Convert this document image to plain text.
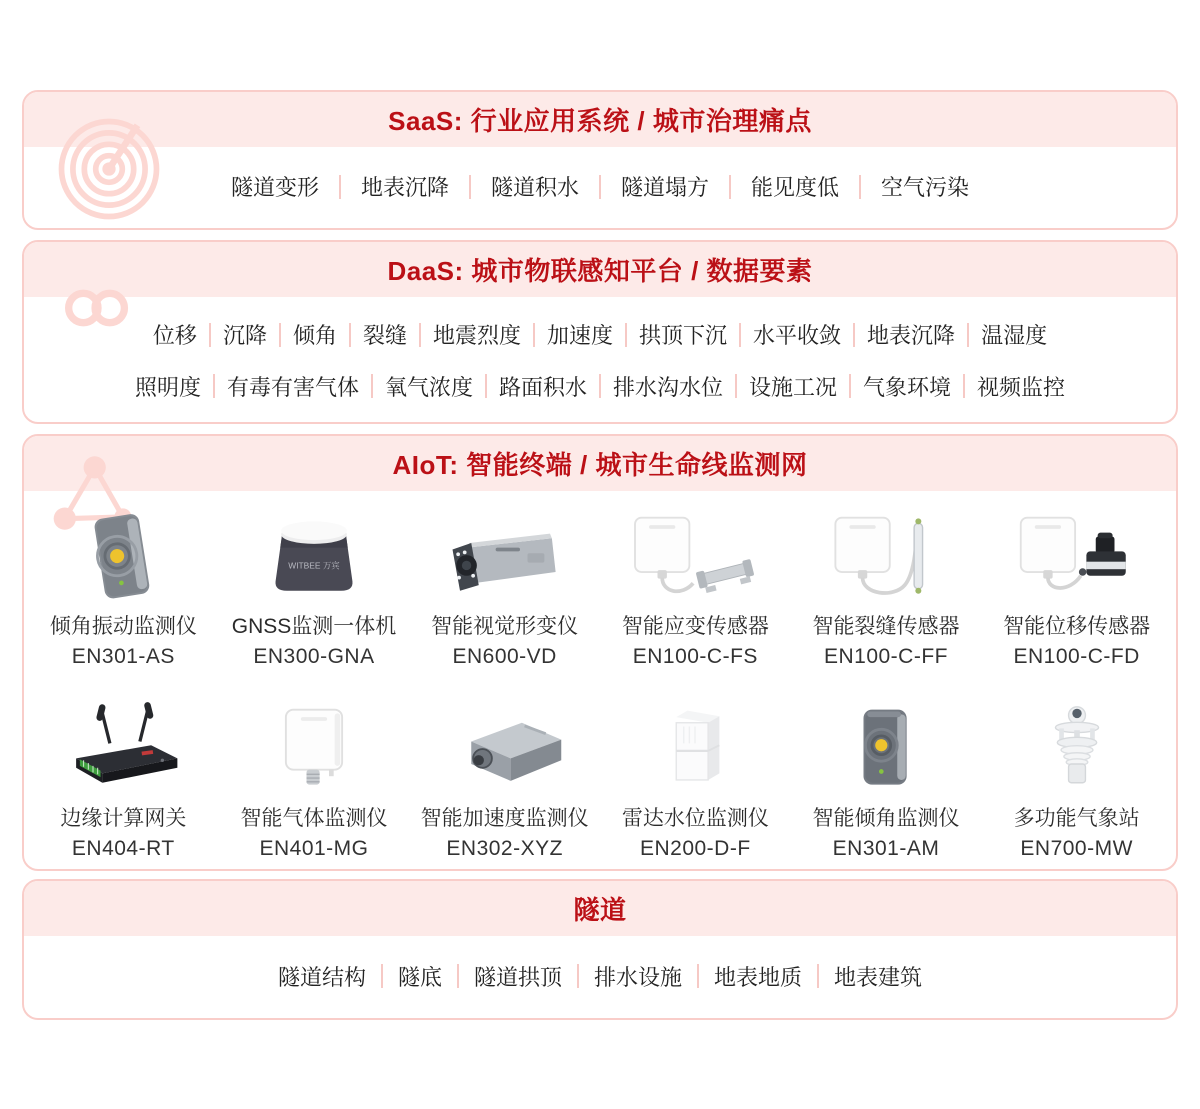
SaaS: 行业应用系统 / 城市治理痛点
隧道变形	地表沉降	隧道积水	隧道塌方	能见度低	空气污染
DaaS: 城市物联感知平台 / 数据要素
位移	沉降	倾角	裂缝	地震烈度	加速度	拱顶下沉	水平收敛	地表沉降	温湿度
照明度	有毒有害气体	氧气浓度	路面积水	排水沟水位	设施工况	气象环境	视频监控
AIoT: 智能终端 / 城市生命线监测网
倾角振动监测仪
EN301-AS
WITBEE 万宾
GNSS监测一体机
EN300-GNA
智能视觉形变仪
EN600-VD
智能应变传感器
EN100-C-FS
智能裂缝传感器
EN100-C-FF
智能位移传感器
EN100-C-FD
边缘计算网关
EN404-RT
智能气体监测仪
EN401-MG
智能加速度监测仪
EN302-XYZ
雷达水位监测仪
EN200-D-F
智能倾角监测仪
EN301-AM
多功能气象站
EN700-MW
隧道
隧道结构	隧底	隧道拱顶	排水设施	地表地质	地表建筑
